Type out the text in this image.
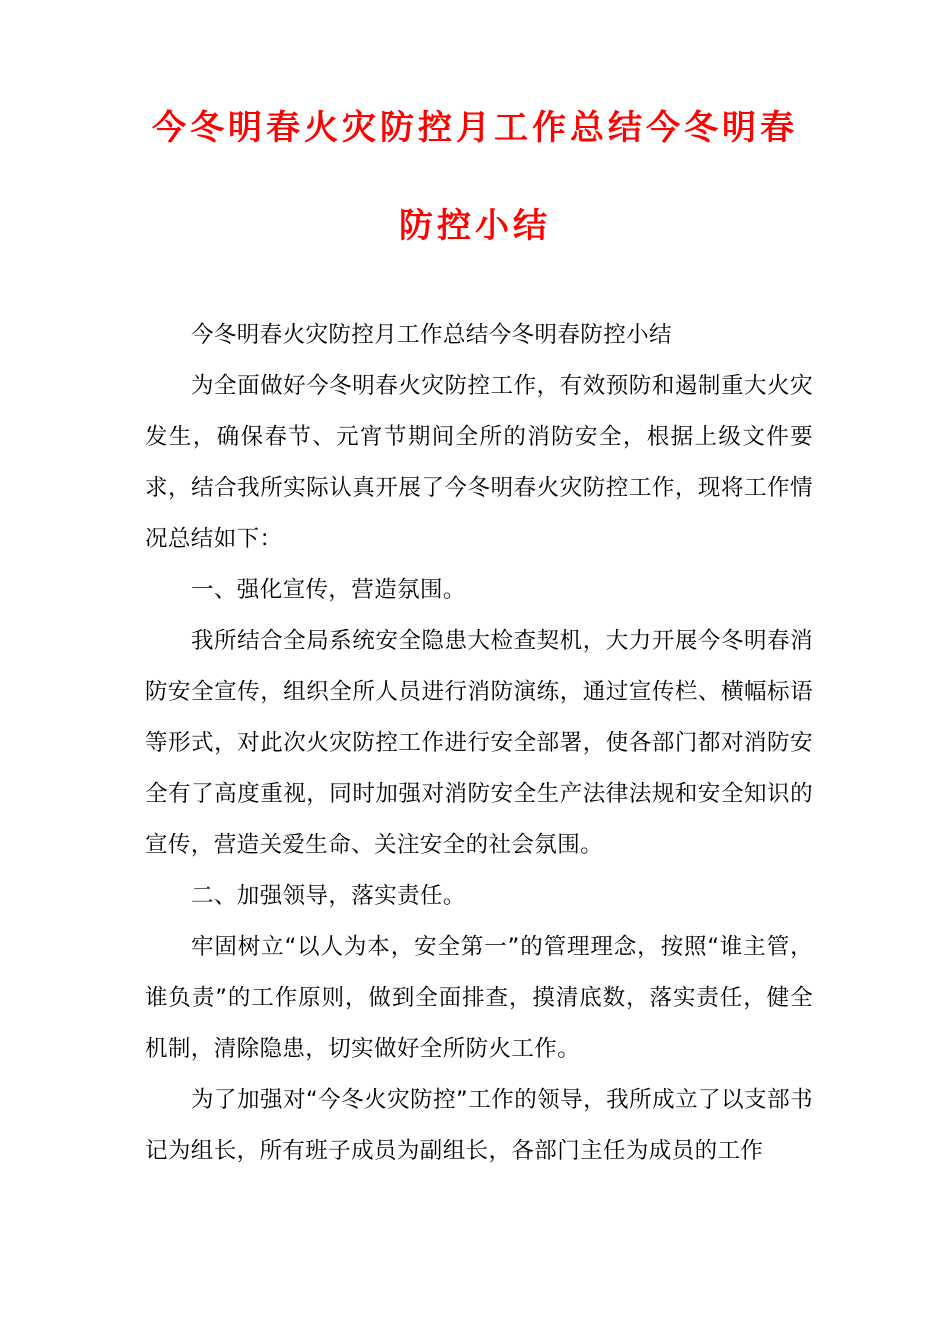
今冬明春火灾防控月工作总结今冬明春
防控小结

今冬明春火灾防控月工作总结今冬明春防控小结

为全面做好今冬明春火灾防控工作，有效预防和遏制重大火灾发生，确保春节、元宵节期间全所的消防安全，根据上级文件要求，结合我所实际认真开展了今冬明春火灾防控工作，现将工作情况总结如下：

一、强化宣传，营造氛围。

我所结合全局系统安全隐患大检查契机，大力开展今冬明春消防安全宣传，组织全所人员进行消防演练，通过宣传栏、横幅标语等形式，对此次火灾防控工作进行安全部署，使各部门都对消防安全有了高度重视，同时加强对消防安全生产法律法规和安全知识的宣传，营造关爱生命、关注安全的社会氛围。

二、加强领导，落实责任。

牢固树立“以人为本，安全第一”的管理理念，按照“谁主管，谁负责”的工作原则，做到全面排查，摸清底数，落实责任，健全机制，清除隐患，切实做好全所防火工作。

为了加强对“今冬火灾防控”工作的领导，我所成立了以支部书记为组长，所有班子成员为副组长，各部门主任为成员的工作
